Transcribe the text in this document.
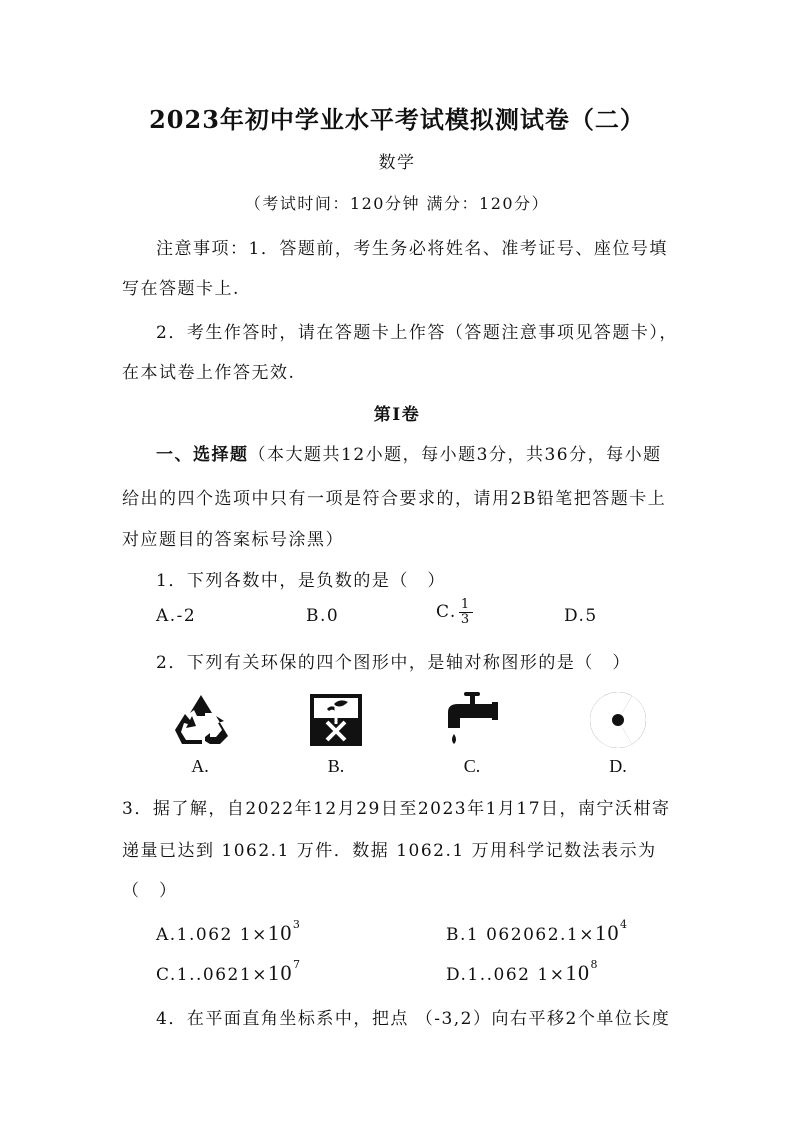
2023年初中学业水平考试模拟测试卷（二）
数学
（考试时间：120分钟 满分：120分）
注意事项：1．答题前，考生务必将姓名、准考证号、座位号填
写在答题卡上.
2．考生作答时，请在答题卡上作答（答题注意事项见答题卡），
在本试卷上作答无效.
第Ⅰ卷
一、选择题（本大题共12小题，每小题3分，共36分，每小题
给出的四个选项中只有一项是符合要求的，请用2B铅笔把答题卡上
对应题目的答案标号涂黑）
1．下列各数中，是负数的是（　）
A.-2	B.0	C. $\frac{1}{3}$	D.5
2．下列有关环保的四个图形中，是轴对称图形的是（　）
A.	B.	C.	D.
3．据了解，自2022年12月29日至2023年1月17日，南宁沃柑寄
递量已达到 1062.1 万件．数据 1062.1 万用科学记数法表示为
（　）
A.1.062 $1\times 10^3$
B.1 $062062.1\times 10^4$
$C.1..0621\times 10^7$
D.1..062 $1\times 10^8$
4．在平面直角坐标系中，把点 （-3,2）向右平移2个单位长度
